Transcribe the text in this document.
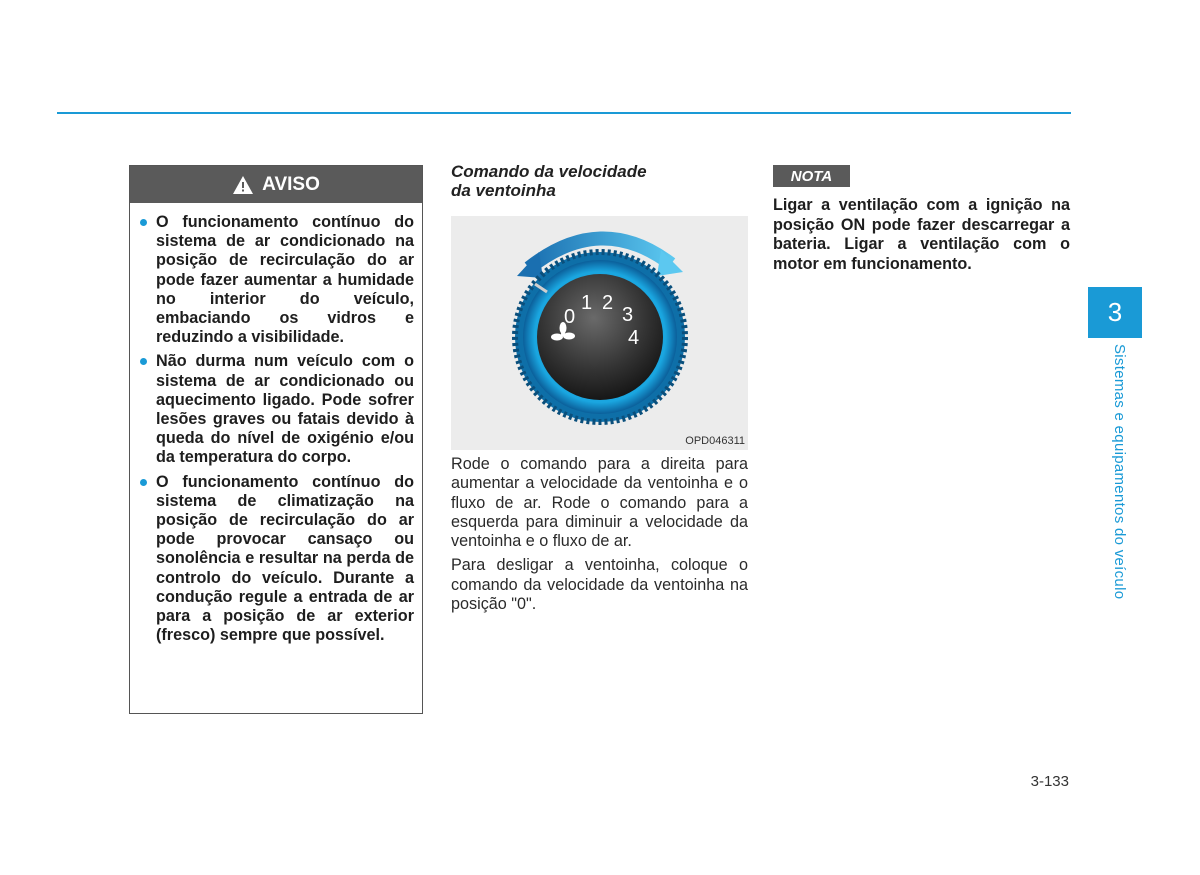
AVISO
O funcionamento contínuo do sistema de ar condicionado na posição de recirculação do ar pode fazer aumentar a humidade no interior do veículo, embaciando os vidros e reduzindo a visibilidade.
Não durma num veículo com o sistema de ar condicionado ou aquecimento ligado. Pode sofrer lesões graves ou fatais devido à queda do nível de oxigénio e/ou da temperatura do corpo.
O funcionamento contínuo do sistema de climatização na posição de recirculação do ar pode provocar cansaço ou sonolência e resultar na perda de controlo do veículo. Durante a condução regule a entrada de ar para a posição de ar exterior (fresco) sempre que possível.
Comando da velocidade
da ventoinha
0
1 2
3
4
OPD046311

Rode o comando para a direita para aumentar a velocidade da ventoinha e o fluxo de ar. Rode o comando para a esquerda para diminuir a velocidade da ventoinha e o fluxo de ar.

Para desligar a ventoinha, coloque o comando da velocidade da ventoinha na posição "0".

NOTA
Ligar a ventilação com a ignição na posição ON pode fazer descarregar a bateria. Ligar a ventilação com o motor em funcionamento.
3
Sistemas e equipamentos do veículo
3-133
